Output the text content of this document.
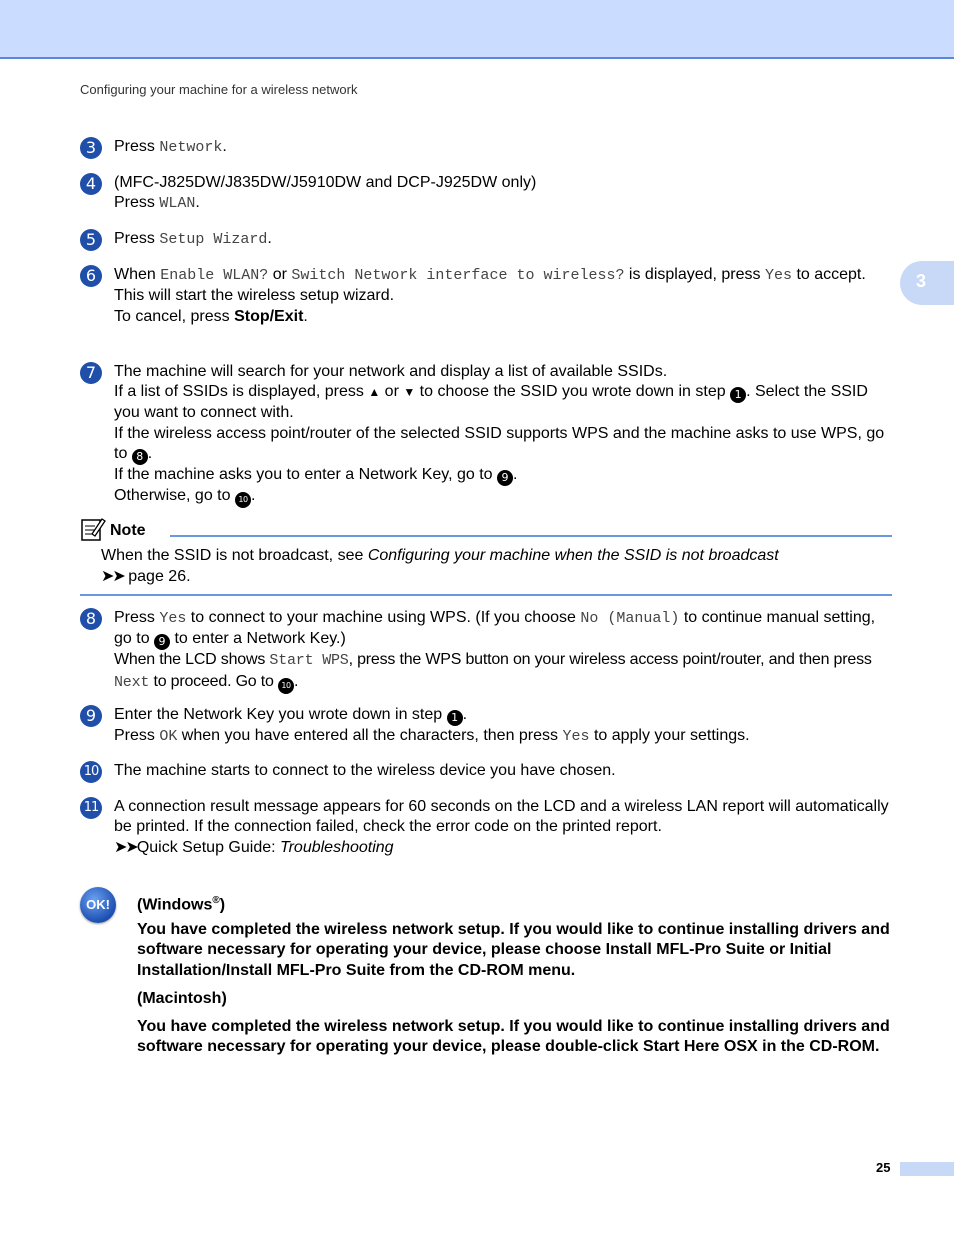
Configuring your machine for a wireless network
3
3	Press Network.
4	(MFC-J825DW/J835DW/J5910DW and DCP-J925DW only)
Press WLAN.
5	Press Setup Wizard.
6	When Enable WLAN? or Switch Network interface to wireless? is displayed, press Yes to accept.
This will start the wireless setup wizard.
To cancel, press Stop/Exit.
7	The machine will search for your network and display a list of available SSIDs.
If a list of SSIDs is displayed, press ▲ or ▼ to choose the SSID you wrote down in step 1 . Select the SSID you want to connect with.
If the wireless access point/router of the selected SSID supports WPS and the machine asks to use WPS, go to 8 .
If the machine asks you to enter a Network Key, go to 9 .
Otherwise, go to 10 .
Note
When the SSID is not broadcast, see Configuring your machine when the SSID is not broadcast
➤➤ page 26.
8	Press Yes to connect to your machine using WPS. (If you choose No (Manual) to continue manual setting, go to 9 to enter a Network Key.)
When the LCD shows Start WPS, press the WPS button on your wireless access point/router, and then press Next to proceed. Go to 10 .
9	Enter the Network Key you wrote down in step 1 .
Press OK when you have entered all the characters, then press Yes to apply your settings.
10 The machine starts to connect to the wireless device you have chosen.
11 A connection result message appears for 60 seconds on the LCD and a wireless LAN report will automatically be printed. If the connection failed, check the error code on the printed report.
➤➤Quick Setup Guide: Troubleshooting
OK!	(Windows®)
You have completed the wireless network setup. If you would like to continue installing drivers and software necessary for operating your device, please choose Install MFL-Pro Suite or Initial Installation/Install MFL-Pro Suite from the CD-ROM menu.
(Macintosh)
You have completed the wireless network setup. If you would like to continue installing drivers and software necessary for operating your device, please double-click Start Here OSX in the CD-ROM.
25
